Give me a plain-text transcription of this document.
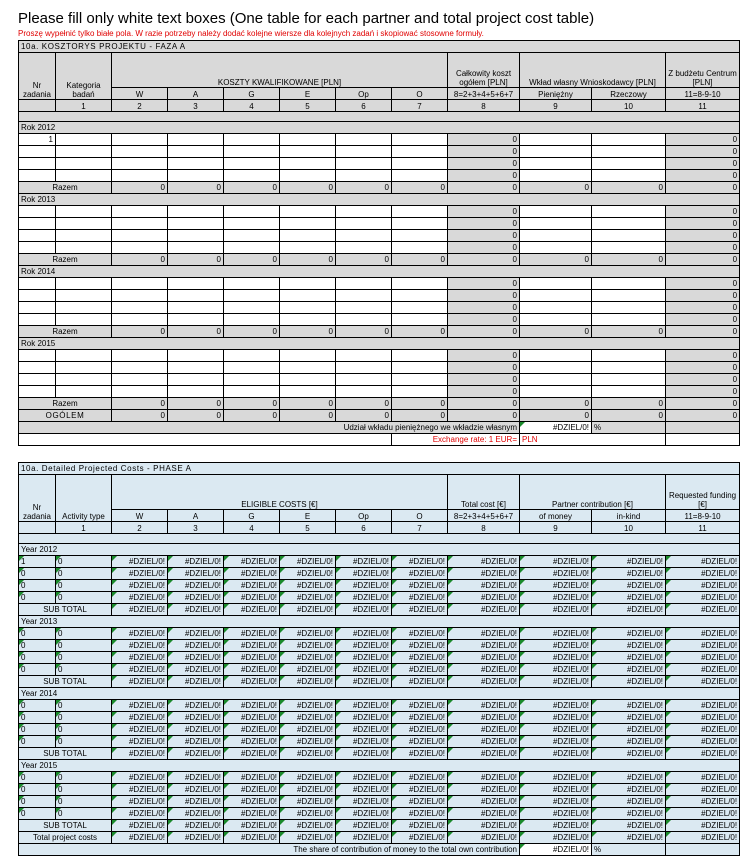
Please fill only white text boxes (One table for each partner and total project cost table)
Proszę wypełnić tylko białe pola. W razie potrzeby należy dodać kolejne wiersze dla kolejnych zadań i skopiować stosowne formuły.
10a. KOSZTORYS PROJEKTU - FAZA A											
Nr zadania	Kategoria badań	KOSZTY KWALIFIKOWANE [PLN]						Całkowity koszt ogółem [PLN]	Wkład własny Wnioskodawcy [PLN]		Z budżetu Centrum [PLN]
		W	A	G	E	Op	O	8=2+3+4+5+6+7	Pieniężny	Rzeczowy	11=8-9-10
	1	2	3	4	5	6	7	8	9	10	11

Rok 2012											
1								0			0
								0			0
								0			0
								0			0
Razem		0	0	0	0	0	0	0	0	0	0
Rok 2013											
								0			0
								0			0
								0			0
								0			0
Razem		0	0	0	0	0	0	0	0	0	0
Rok 2014											
								0			0
								0			0
								0			0
								0			0
Razem		0	0	0	0	0	0	0	0	0	0
Rok 2015											
								0			0
								0			0
								0			0
								0			0
Razem		0	0	0	0	0	0	0	0	0	0
OGÓLEM		0	0	0	0	0	0	0	0	0	0
Udział wkładu pieniężnego we wkładzie własnym									#DZIEL/0!	%	
							Exchange rate: 1 EUR=		PLN		
10a. Detailed Projected Costs - PHASE A											
Nr zadania	Activity type	ELIGIBLE COSTS [€]						Total cost [€]	Partner contribution [€]		Requested funding [€]
		W	A	G	E	Op	O	8=2+3+4+5+6+7	of money	in-kind	11=8-9-10
	1	2	3	4	5	6	7	8	9	10	11

Year 2012											
1	0	#DZIEL/0!	#DZIEL/0!	#DZIEL/0!	#DZIEL/0!	#DZIEL/0!	#DZIEL/0!	#DZIEL/0!	#DZIEL/0!	#DZIEL/0!	#DZIEL/0!
0	0	#DZIEL/0!	#DZIEL/0!	#DZIEL/0!	#DZIEL/0!	#DZIEL/0!	#DZIEL/0!	#DZIEL/0!	#DZIEL/0!	#DZIEL/0!	#DZIEL/0!
0	0	#DZIEL/0!	#DZIEL/0!	#DZIEL/0!	#DZIEL/0!	#DZIEL/0!	#DZIEL/0!	#DZIEL/0!	#DZIEL/0!	#DZIEL/0!	#DZIEL/0!
0	0	#DZIEL/0!	#DZIEL/0!	#DZIEL/0!	#DZIEL/0!	#DZIEL/0!	#DZIEL/0!	#DZIEL/0!	#DZIEL/0!	#DZIEL/0!	#DZIEL/0!
SUB TOTAL		#DZIEL/0!	#DZIEL/0!	#DZIEL/0!	#DZIEL/0!	#DZIEL/0!	#DZIEL/0!	#DZIEL/0!	#DZIEL/0!	#DZIEL/0!	#DZIEL/0!
Year 2013											
0	0	#DZIEL/0!	#DZIEL/0!	#DZIEL/0!	#DZIEL/0!	#DZIEL/0!	#DZIEL/0!	#DZIEL/0!	#DZIEL/0!	#DZIEL/0!	#DZIEL/0!
0	0	#DZIEL/0!	#DZIEL/0!	#DZIEL/0!	#DZIEL/0!	#DZIEL/0!	#DZIEL/0!	#DZIEL/0!	#DZIEL/0!	#DZIEL/0!	#DZIEL/0!
0	0	#DZIEL/0!	#DZIEL/0!	#DZIEL/0!	#DZIEL/0!	#DZIEL/0!	#DZIEL/0!	#DZIEL/0!	#DZIEL/0!	#DZIEL/0!	#DZIEL/0!
0	0	#DZIEL/0!	#DZIEL/0!	#DZIEL/0!	#DZIEL/0!	#DZIEL/0!	#DZIEL/0!	#DZIEL/0!	#DZIEL/0!	#DZIEL/0!	#DZIEL/0!
SUB TOTAL		#DZIEL/0!	#DZIEL/0!	#DZIEL/0!	#DZIEL/0!	#DZIEL/0!	#DZIEL/0!	#DZIEL/0!	#DZIEL/0!	#DZIEL/0!	#DZIEL/0!
Year 2014											
0	0	#DZIEL/0!	#DZIEL/0!	#DZIEL/0!	#DZIEL/0!	#DZIEL/0!	#DZIEL/0!	#DZIEL/0!	#DZIEL/0!	#DZIEL/0!	#DZIEL/0!
0	0	#DZIEL/0!	#DZIEL/0!	#DZIEL/0!	#DZIEL/0!	#DZIEL/0!	#DZIEL/0!	#DZIEL/0!	#DZIEL/0!	#DZIEL/0!	#DZIEL/0!
0	0	#DZIEL/0!	#DZIEL/0!	#DZIEL/0!	#DZIEL/0!	#DZIEL/0!	#DZIEL/0!	#DZIEL/0!	#DZIEL/0!	#DZIEL/0!	#DZIEL/0!
0	0	#DZIEL/0!	#DZIEL/0!	#DZIEL/0!	#DZIEL/0!	#DZIEL/0!	#DZIEL/0!	#DZIEL/0!	#DZIEL/0!	#DZIEL/0!	#DZIEL/0!
SUB TOTAL		#DZIEL/0!	#DZIEL/0!	#DZIEL/0!	#DZIEL/0!	#DZIEL/0!	#DZIEL/0!	#DZIEL/0!	#DZIEL/0!	#DZIEL/0!	#DZIEL/0!
Year 2015											
0	0	#DZIEL/0!	#DZIEL/0!	#DZIEL/0!	#DZIEL/0!	#DZIEL/0!	#DZIEL/0!	#DZIEL/0!	#DZIEL/0!	#DZIEL/0!	#DZIEL/0!
0	0	#DZIEL/0!	#DZIEL/0!	#DZIEL/0!	#DZIEL/0!	#DZIEL/0!	#DZIEL/0!	#DZIEL/0!	#DZIEL/0!	#DZIEL/0!	#DZIEL/0!
0	0	#DZIEL/0!	#DZIEL/0!	#DZIEL/0!	#DZIEL/0!	#DZIEL/0!	#DZIEL/0!	#DZIEL/0!	#DZIEL/0!	#DZIEL/0!	#DZIEL/0!
0	0	#DZIEL/0!	#DZIEL/0!	#DZIEL/0!	#DZIEL/0!	#DZIEL/0!	#DZIEL/0!	#DZIEL/0!	#DZIEL/0!	#DZIEL/0!	#DZIEL/0!
SUB TOTAL		#DZIEL/0!	#DZIEL/0!	#DZIEL/0!	#DZIEL/0!	#DZIEL/0!	#DZIEL/0!	#DZIEL/0!	#DZIEL/0!	#DZIEL/0!	#DZIEL/0!
Total project costs		#DZIEL/0!	#DZIEL/0!	#DZIEL/0!	#DZIEL/0!	#DZIEL/0!	#DZIEL/0!	#DZIEL/0!	#DZIEL/0!	#DZIEL/0!	#DZIEL/0!
The share of contribution of money to the total own contribution									#DZIEL/0!	%	
